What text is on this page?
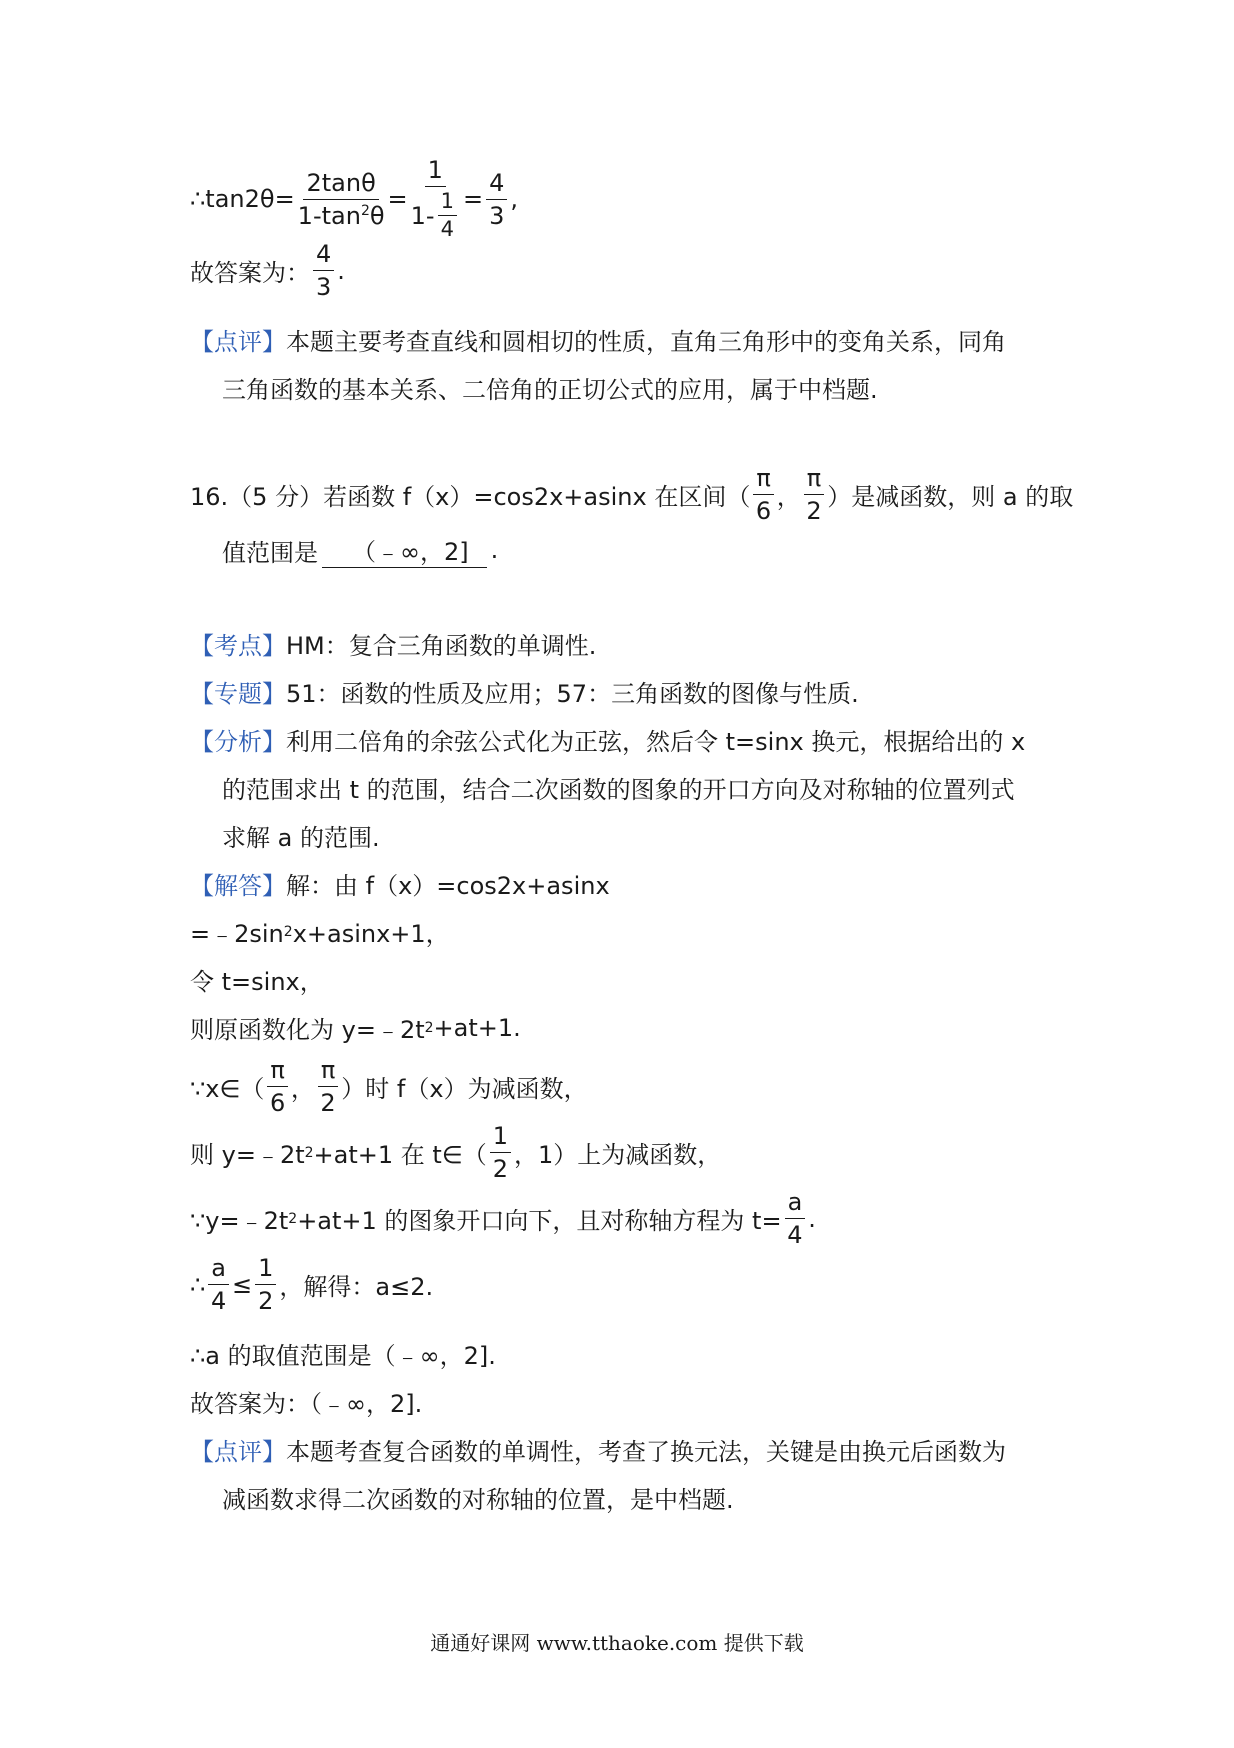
∴ $\tan 2\theta= \frac{2\tan\theta}{1-\tan^2\theta} = \frac{1}{1- \frac{1}{4}} = \frac{4}{3}$ ,
故答案为： $\frac{4}{3}$ .
【点评】 本题主要考查直线和圆相切的性质，直角三角形中的变角关系，同角
三角函数的基本关系、二倍角的正切公式的应用，属于中档题.
16.（5 分）若函数 f（x）=cos2x+asinx 在区间（ $\frac{\pi}{6}$ ， $\frac{\pi}{2}$ ）是减函数，则 a 的取
值范围是	（﹣∞，2] .
【考点】 HM：复合三角函数的单调性.
【专题】 51：函数的性质及应用；57：三角函数的图像与性质.
【分析】 利用二倍角的余弦公式化为正弦，然后令 t=sinx 换元，根据给出的 x
的范围求出 t 的范围，结合二次函数的图象的开口方向及对称轴的位置列式
求解 a 的范围.
【解答】 解：由 f（x）=cos2x+asinx
=﹣2sin 2 x+asinx+1，
令 t=sinx，
则原函数化为 y=﹣2t 2 +at+1.
∵x∈（ $\frac{\pi}{6}$ ， $\frac{\pi}{2}$ ）时 f（x）为减函数，
则 y=﹣2t 2 +at+1 在 t∈（ $\frac{1}{2}$ ，1）上为减函数，
∵y=﹣2t 2 +at+1 的图象开口向下，且对称轴方程为 $t= \frac{a}{4}$ .
∴ $\frac{a}{4} \le \frac{1}{2}$ ，解得：a≤2.
∴a 的取值范围是（﹣∞，2].
故答案为：（﹣∞，2].
【点评】 本题考查复合函数的单调性，考查了换元法，关键是由换元后函数为
减函数求得二次函数的对称轴的位置，是中档题.
通通好课网 www.tthaoke.com 提供下载
